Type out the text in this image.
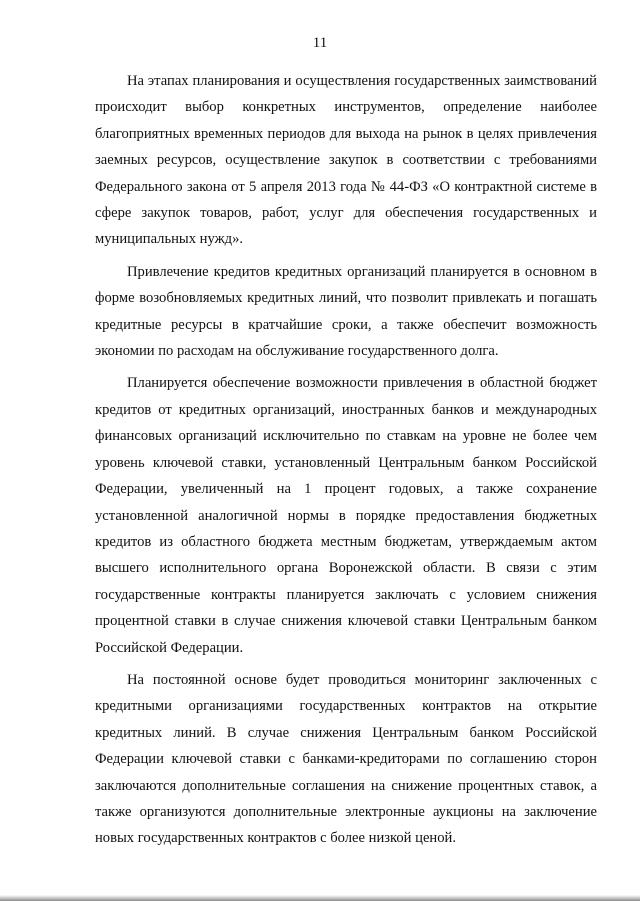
11

На этапах планирования и осуществления государственных заимствований происходит выбор конкретных инструментов, определение наиболее благоприятных временных периодов для выхода на рынок в целях привлечения заемных ресурсов, осуществление закупок в соответствии с требованиями Федерального закона от 5 апреля 2013 года № 44-ФЗ «О контрактной системе в сфере закупок товаров, работ, услуг для обеспечения государственных и муниципальных нужд».

Привлечение кредитов кредитных организаций планируется в основном в форме возобновляемых кредитных линий, что позволит привлекать и погашать кредитные ресурсы в кратчайшие сроки, а также обеспечит возможность экономии по расходам на обслуживание государственного долга.

Планируется обеспечение возможности привлечения в областной бюджет кредитов от кредитных организаций, иностранных банков и международных финансовых организаций исключительно по ставкам на уровне не более чем уровень ключевой ставки, установленный Центральным банком Российской Федерации, увеличенный на 1 процент годовых, а также сохранение установленной аналогичной нормы в порядке предоставления бюджетных кредитов из областного бюджета местным бюджетам, утверждаемым актом высшего исполнительного органа Воронежской области. В связи с этим государственные контракты планируется заключать с условием снижения процентной ставки в случае снижения ключевой ставки Центральным банком Российской Федерации.

На постоянной основе будет проводиться мониторинг заключенных с кредитными организациями государственных контрактов на открытие кредитных линий. В случае снижения Центральным банком Российской Федерации ключевой ставки с банками-кредиторами по соглашению сторон заключаются дополнительные соглашения на снижение процентных ставок, а также организуются дополнительные электронные аукционы на заключение новых государственных контрактов с более низкой ценой.
